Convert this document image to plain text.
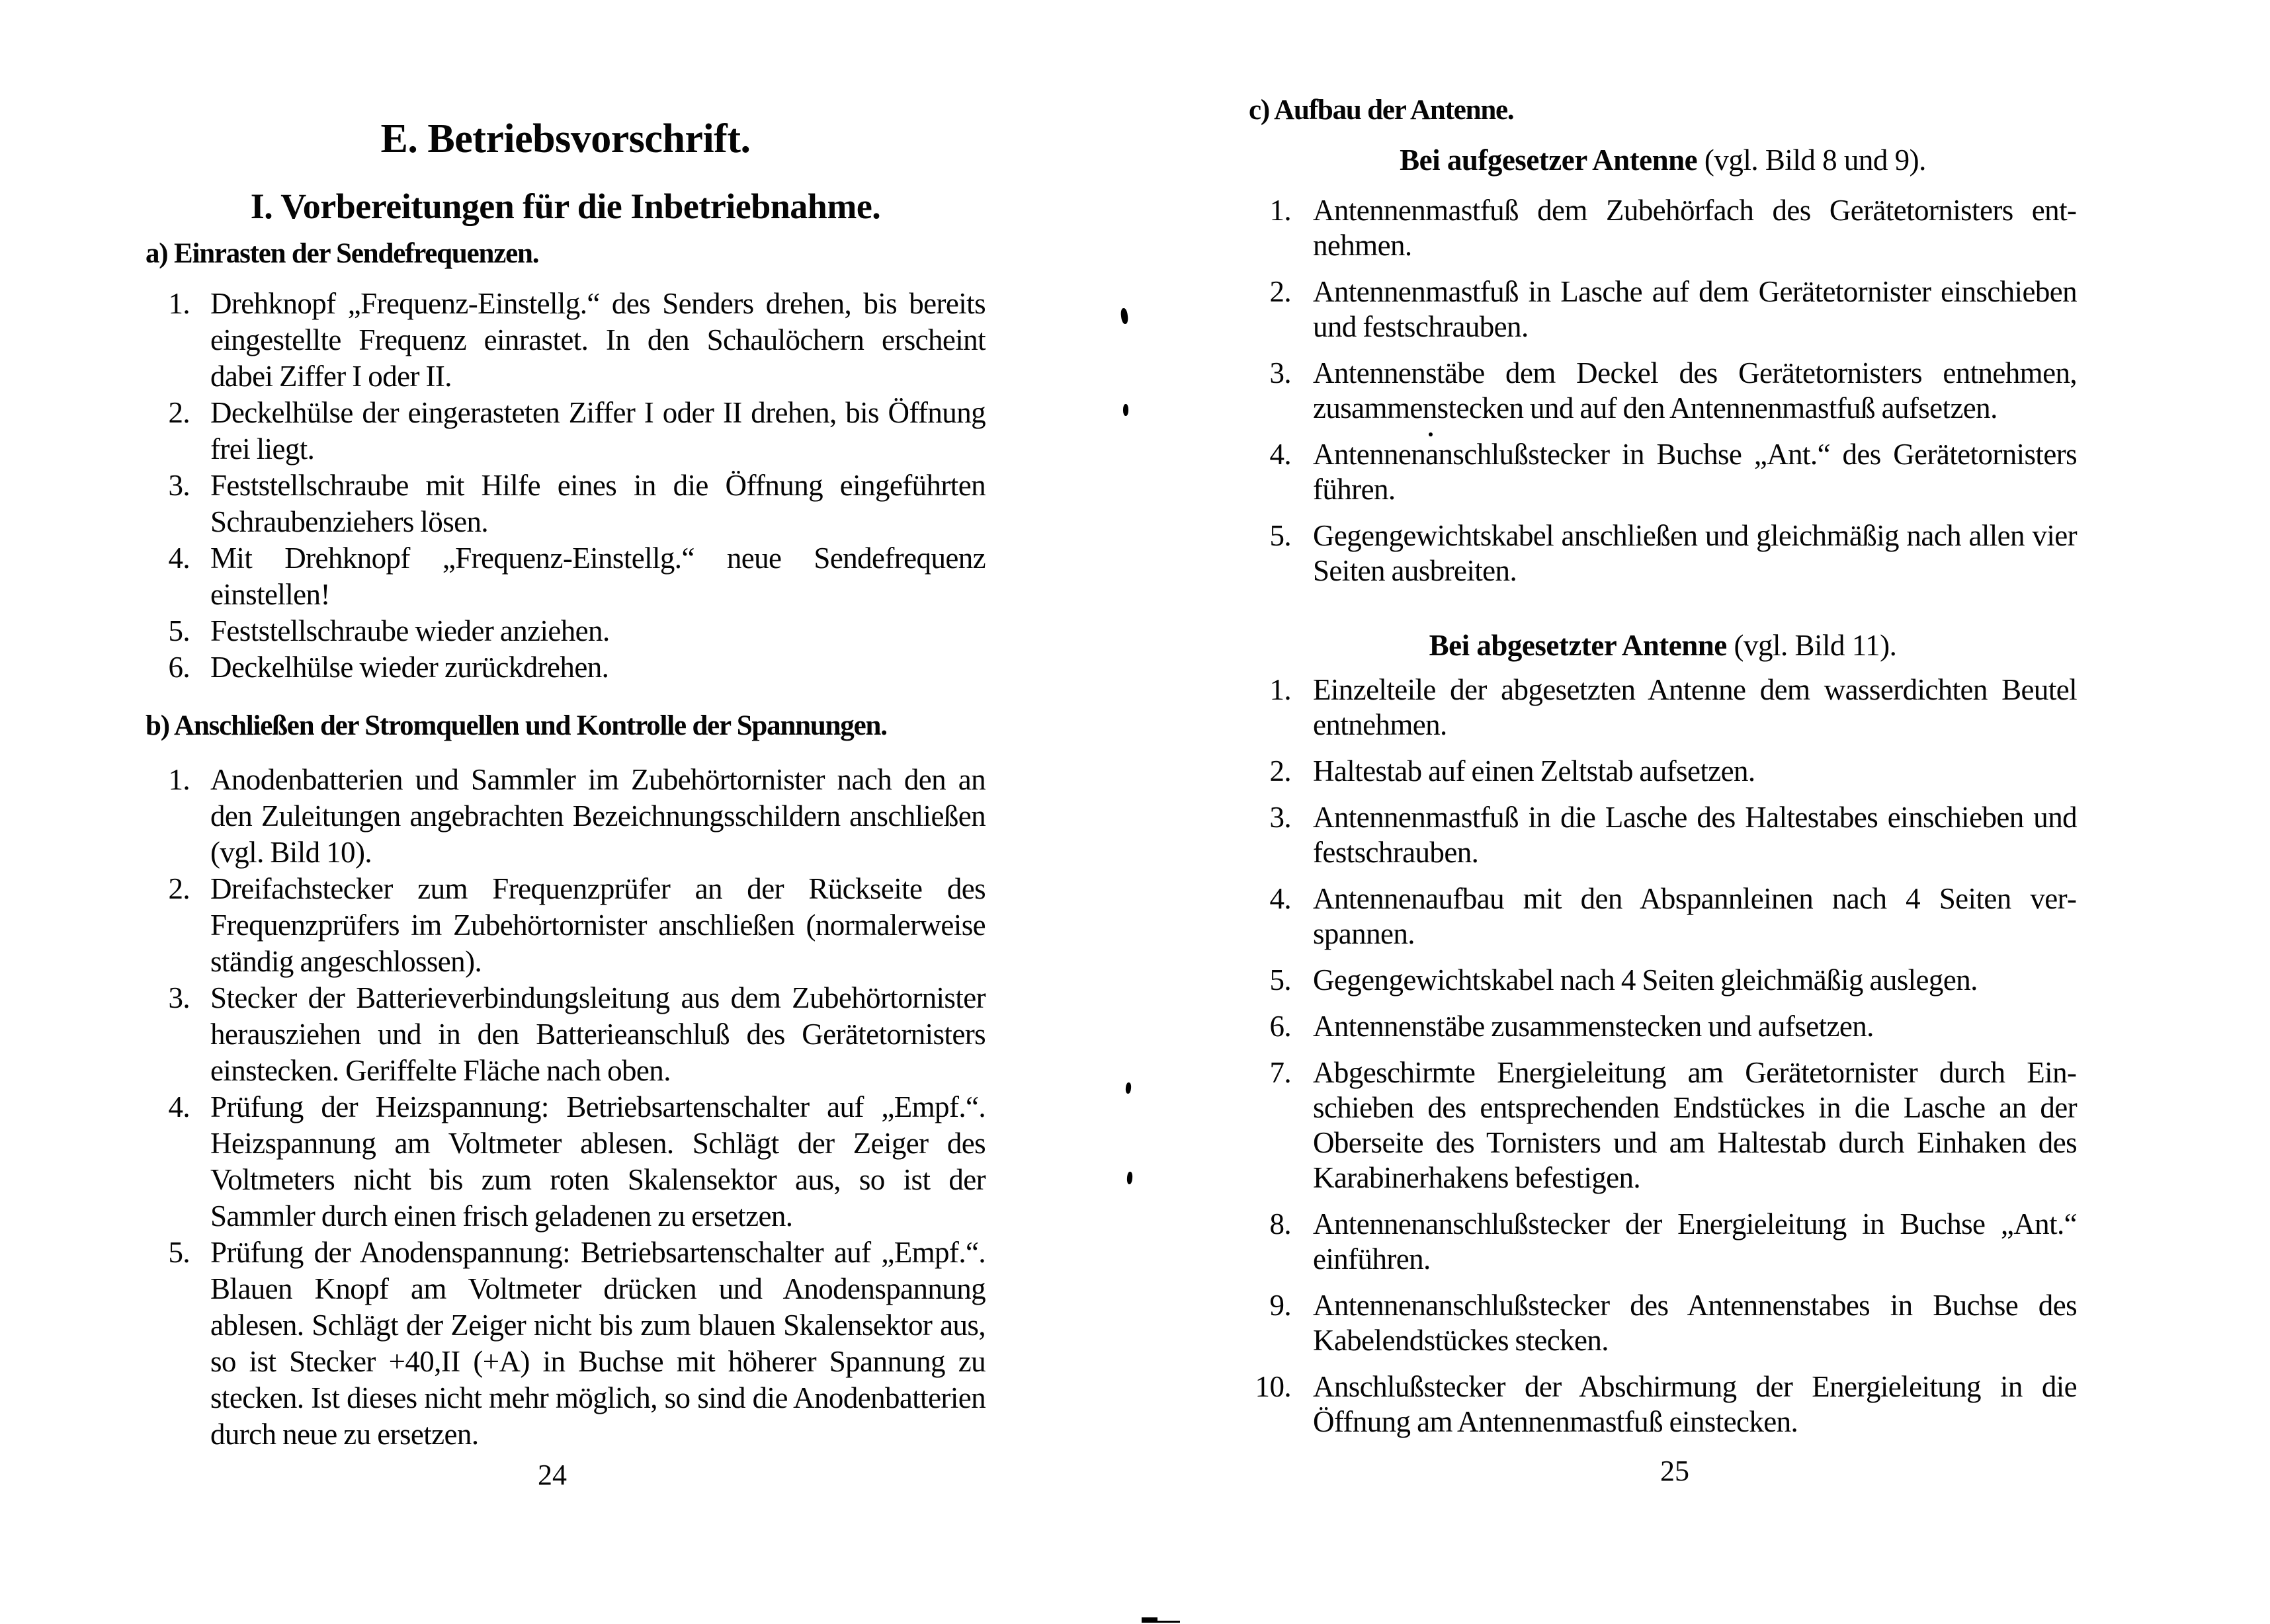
E. Betriebsvorschrift.
I. Vorbereitungen für die Inbetriebnahme.
a) Einrasten der Sendefrequenzen.
1. Drehknopf „Frequenz-Einstellg.“ des Senders drehen, bis bereits eingestellte Frequenz einrastet. In den Schaulöchern erscheint dabei Ziffer I oder II.
2. Deckelhülse der eingerasteten Ziffer I oder II drehen, bis Öffnung frei liegt.
3. Feststellschraube mit Hilfe eines in die Öffnung eingeführten Schraubenziehers lösen.
4. Mit Drehknopf „Frequenz-Einstellg.“ neue Sendefrequenz einstellen!
5. Feststellschraube wieder anziehen.
6. Deckelhülse wieder zurückdrehen.
b) Anschließen der Stromquellen und Kontrolle der Spannungen.
1. Anodenbatterien und Sammler im Zubehörtornister nach den an den Zuleitungen angebrachten Bezeichnungsschildern anschließen (vgl. Bild 10).
2. Dreifachstecker zum Frequenzprüfer an der Rückseite des Frequenzprüfers im Zubehörtornister anschließen (normalerweise ständig angeschlossen).
3. Stecker der Batterieverbindungsleitung aus dem Zubehörtornister herausziehen und in den Batterieanschluß des Gerätetornisters einstecken. Geriffelte Fläche nach oben.
4. Prüfung der Heizspannung: Betriebsartenschalter auf „Empf.“. Heizspannung am Voltmeter ablesen. Schlägt der Zeiger des Voltmeters nicht bis zum roten Skalensektor aus, so ist der Sammler durch einen frisch geladenen zu ersetzen.
5. Prüfung der Anodenspannung: Betriebsartenschalter auf „Empf.“. Blauen Knopf am Voltmeter drücken und Anodenspannung ablesen. Schlägt der Zeiger nicht bis zum blauen Skalensektor aus, so ist Stecker +40,II (+A) in Buchse mit höherer Spannung zu stecken. Ist dieses nicht mehr möglich, so sind die Anodenbatterien durch neue zu ersetzen.
24
c) Aufbau der Antenne.
Bei aufgesetzer Antenne (vgl. Bild 8 und 9).
1. Antennenmastfuß dem Zubehörfach des Gerätetornisters entnehmen.
2. Antennenmastfuß in Lasche auf dem Gerätetornister einschieben und festschrauben.
3. Antennenstäbe dem Deckel des Gerätetornisters entnehmen, zusammenstecken und auf den Antennenmastfuß aufsetzen.
4. Antennenanschlußstecker in Buchse „Ant.“ des Gerätetornisters führen.
5. Gegengewichtskabel anschließen und gleichmäßig nach allen vier Seiten ausbreiten.
Bei abgesetzter Antenne (vgl. Bild 11).
1. Einzelteile der abgesetzten Antenne dem wasserdichten Beutel entnehmen.
2. Haltestab auf einen Zeltstab aufsetzen.
3. Antennenmastfuß in die Lasche des Haltestabes einschieben und festschrauben.
4. Antennenaufbau mit den Abspannleinen nach 4 Seiten verspannen.
5. Gegengewichtskabel nach 4 Seiten gleichmäßig auslegen.
6. Antennenstäbe zusammenstecken und aufsetzen.
7. Abgeschirmte Energieleitung am Gerätetornister durch Einschieben des entsprechenden Endstückes in die Lasche an der Oberseite des Tornisters und am Haltestab durch Einhaken des Karabinerhakens befestigen.
8. Antennenanschlußstecker der Energieleitung in Buchse „Ant.“ einführen.
9. Antennenanschlußstecker des Antennenstabes in Buchse des Kabelendstückes stecken.
10. Anschlußstecker der Abschirmung der Energieleitung in die Öffnung am Antennenmastfuß einstecken.
25
